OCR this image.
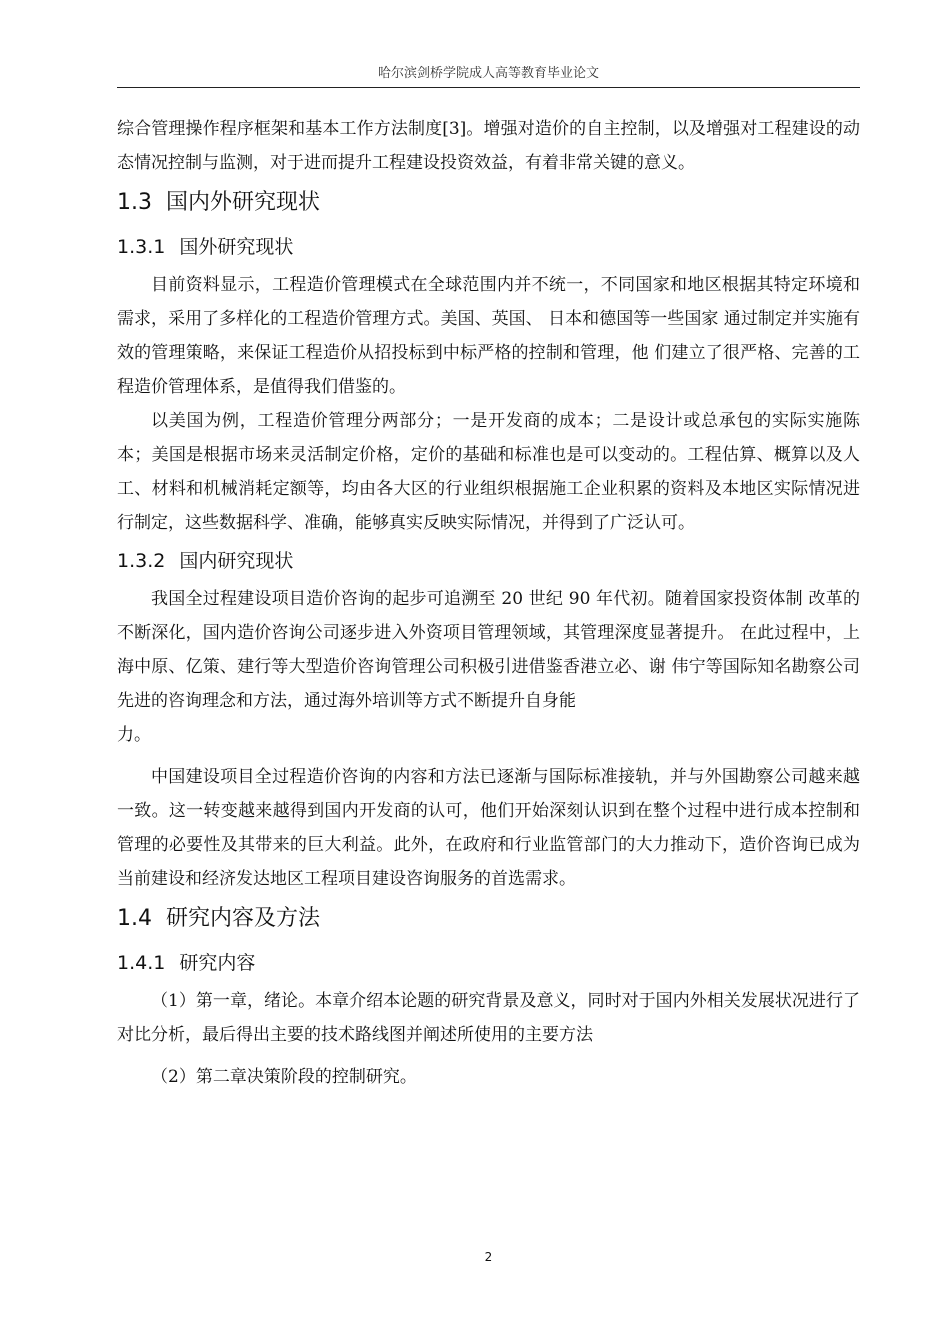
哈尔滨剑桥学院成人高等教育毕业论文

综合管理操作程序框架和基本工作方法制度[3]。增强对造价的自主控制，以及增强对工程建设的动态情况控制与监测，对于进而提升工程建设投资效益，有着非常关键的意义。

1.3 国内外研究现状
1.3.1 国外研究现状

目前资料显示，工程造价管理模式在全球范围内并不统一，不同国家和地区根据其特定环境和需求，采用了多样化的工程造价管理方式。美国、英国、 日本和德国等一些国家 通过制定并实施有效的管理策略，来保证工程造价从招投标到中标严格的控制和管理，他 们建立了很严格、完善的工程造价管理体系，是值得我们借鉴的。

以美国为例，工程造价管理分两部分；一是开发商的成本；二是设计或总承包的实际实施陈本；美国是根据市场来灵活制定价格，定价的基础和标准也是可以变动的。工程估算、概算以及人工、材料和机械消耗定额等，均由各大区的行业组织根据施工企业积累的资料及本地区实际情况进行制定，这些数据科学、准确，能够真实反映实际情况，并得到了广泛认可。

1.3.2 国内研究现状

我国全过程建设项目造价咨询的起步可追溯至 20 世纪 90 年代初。随着国家投资体制 改革的不断深化，国内造价咨询公司逐步进入外资项目管理领域，其管理深度显著提升。 在此过程中，上海中原、亿策、建行等大型造价咨询管理公司积极引进借鉴香港立必、谢 伟宁等国际知名勘察公司先进的咨询理念和方法，通过海外培训等方式不断提升自身能

力。

中国建设项目全过程造价咨询的内容和方法已逐渐与国际标准接轨，并与外国勘察公司越来越一致。这一转变越来越得到国内开发商的认可，他们开始深刻认识到在整个过程中进行成本控制和管理的必要性及其带来的巨大利益。此外，在政府和行业监管部门的大力推动下，造价咨询已成为当前建设和经济发达地区工程项目建设咨询服务的首选需求。

1.4 研究内容及方法
1.4.1 研究内容

（1）第一章，绪论。本章介绍本论题的研究背景及意义，同时对于国内外相关发展状况进行了对比分析，最后得出主要的技术路线图并阐述所使用的主要方法

（2）第二章决策阶段的控制研究。

2
